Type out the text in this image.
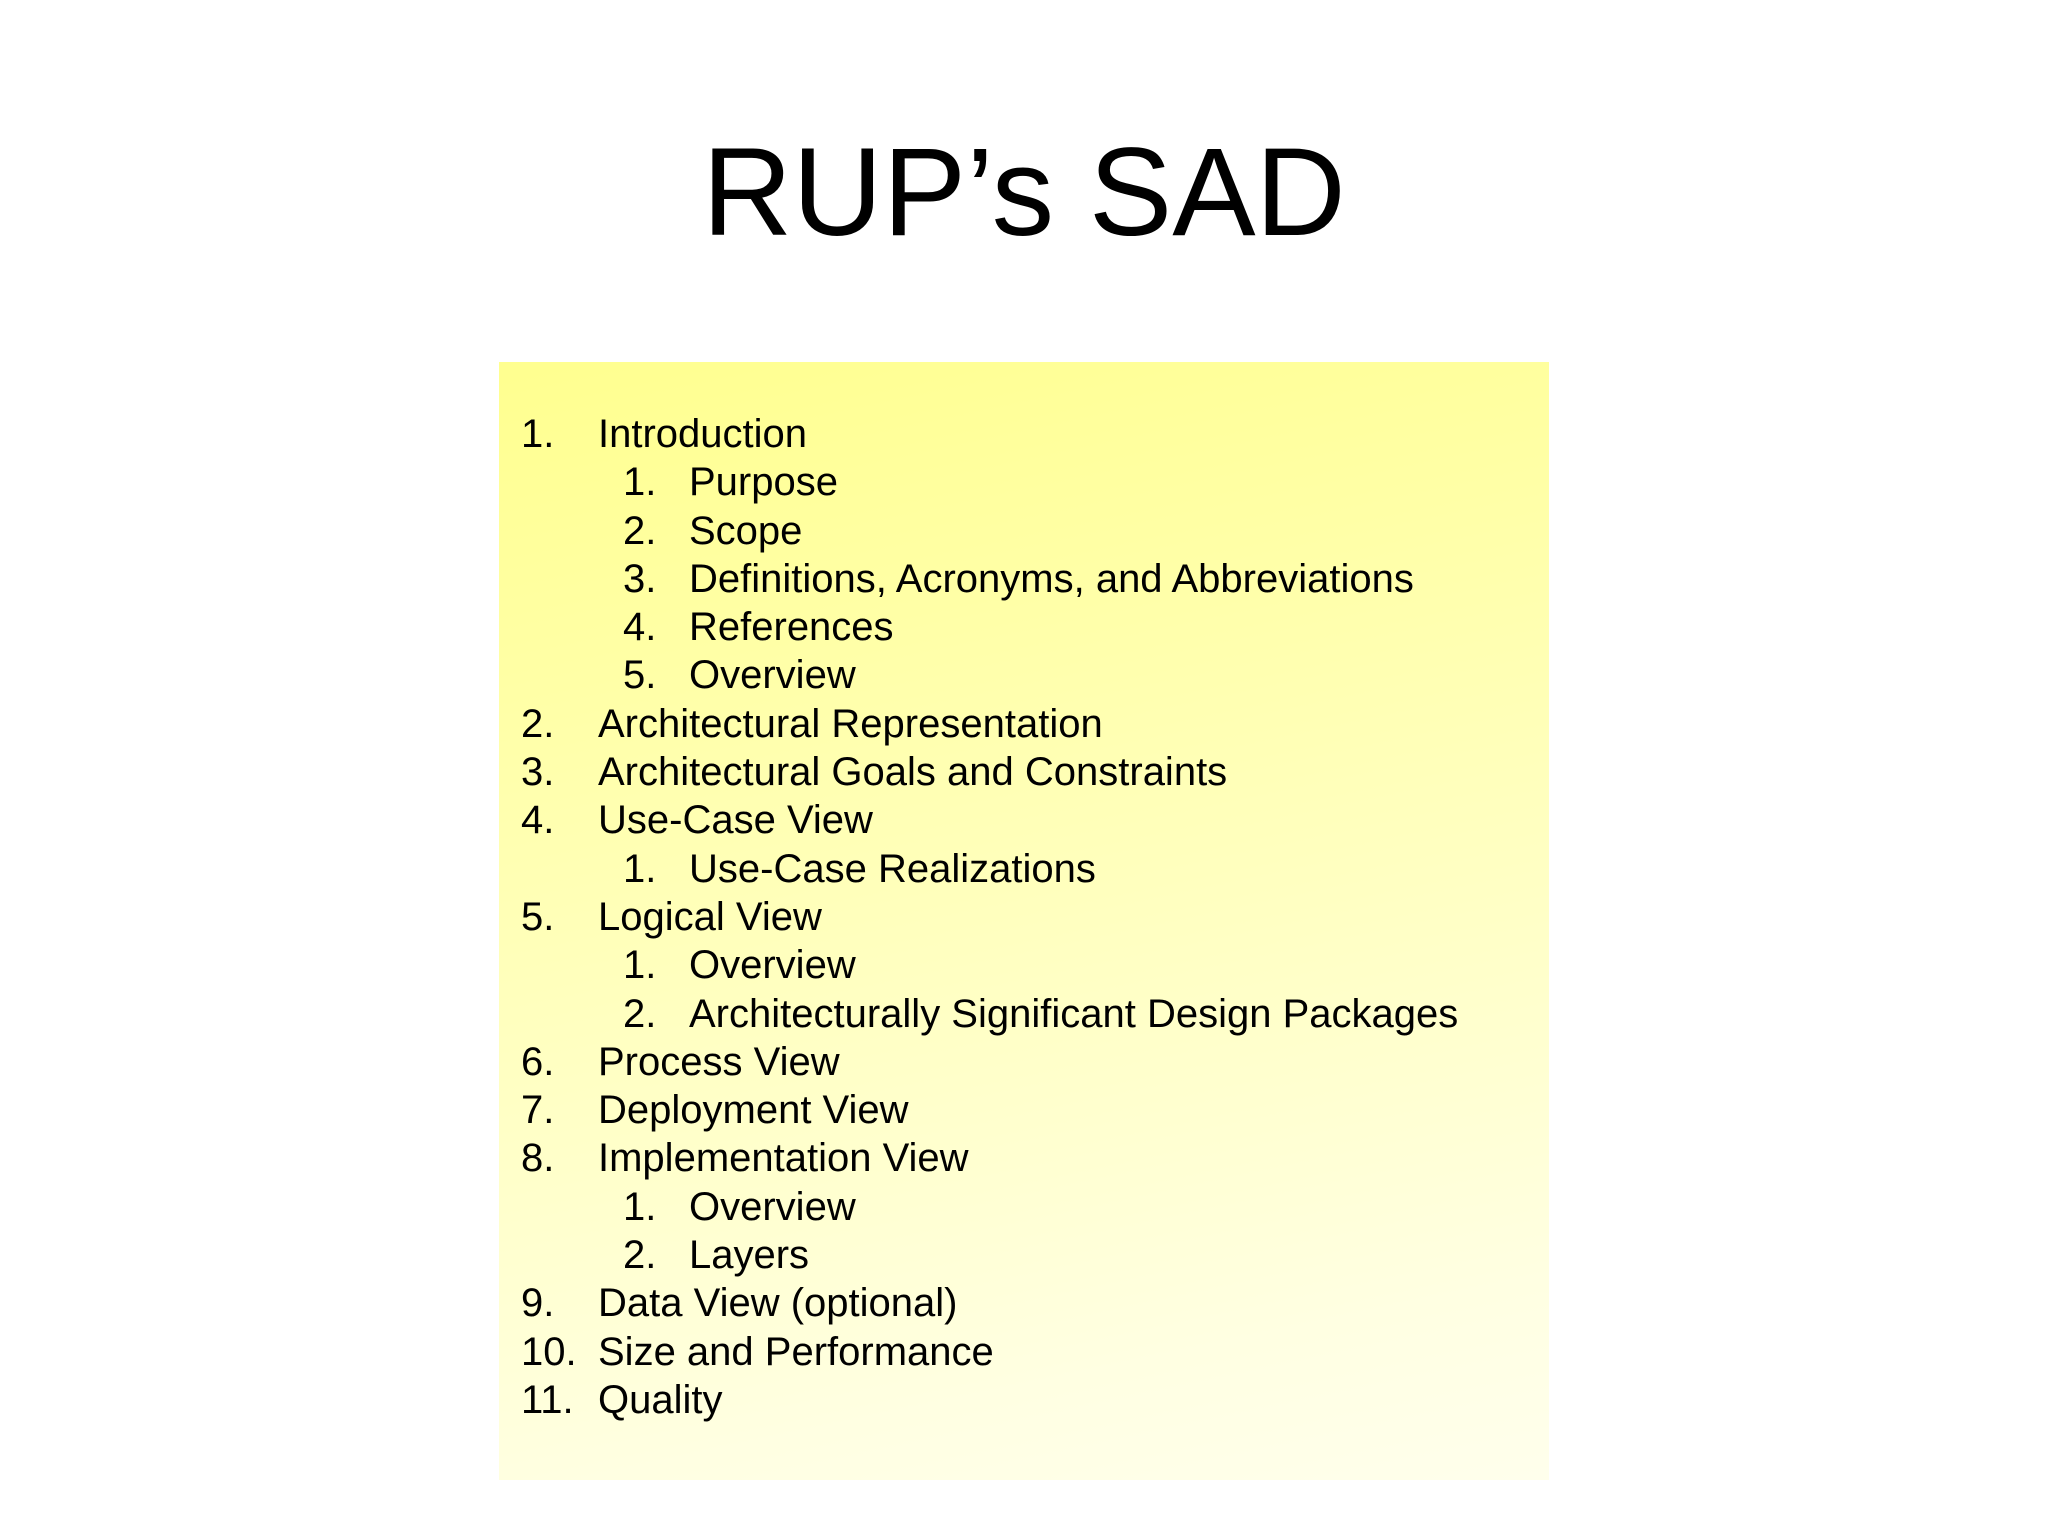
RUP’s SAD
1. Introduction
1. Purpose
2. Scope
3. Definitions, Acronyms, and Abbreviations
4. References
5. Overview
2. Architectural Representation
3. Architectural Goals and Constraints
4. Use-Case View
1. Use-Case Realizations
5. Logical View
1. Overview
2. Architecturally Significant Design Packages
6. Process View
7. Deployment View
8. Implementation View
1. Overview
2. Layers
9. Data View (optional)
10. Size and Performance
11. Quality
